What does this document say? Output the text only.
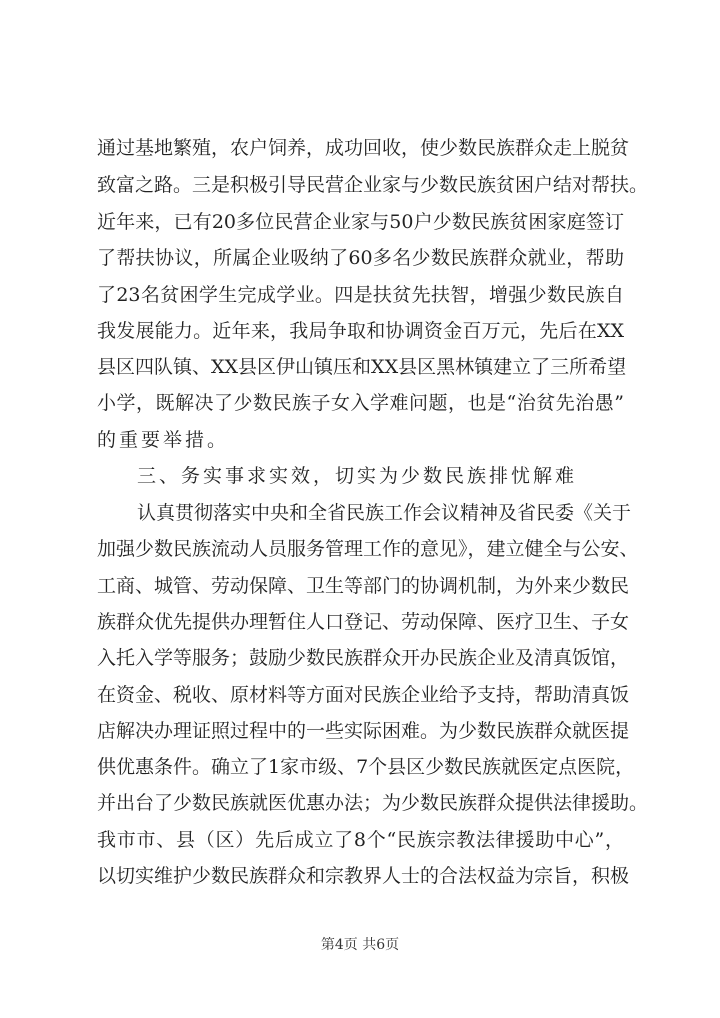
通过基地繁殖，农户饲养，成功回收，使少数民族群众走上脱贫
致富之路。三是积极引导民营企业家与少数民族贫困户结对帮扶。
近年来，已有20多位民营企业家与50户少数民族贫困家庭签订
了帮扶协议，所属企业吸纳了60多名少数民族群众就业，帮助
了23名贫困学生完成学业。四是扶贫先扶智，增强少数民族自
我发展能力。近年来，我局争取和协调资金百万元，先后在XX
县区四队镇、XX县区伊山镇压和XX县区黑林镇建立了三所希望
小学，既解决了少数民族子女入学难问题，也是“治贫先治愚”
的重要举措。
三、务实事求实效，切实为少数民族排忧解难
认真贯彻落实中央和全省民族工作会议精神及省民委《关于
加强少数民族流动人员服务管理工作的意见》，建立健全与公安、
工商、城管、劳动保障、卫生等部门的协调机制，为外来少数民
族群众优先提供办理暂住人口登记、劳动保障、医疗卫生、子女
入托入学等服务；鼓励少数民族群众开办民族企业及清真饭馆，
在资金、税收、原材料等方面对民族企业给予支持，帮助清真饭
店解决办理证照过程中的一些实际困难。为少数民族群众就医提
供优惠条件。确立了1家市级、7个县区少数民族就医定点医院，
并出台了少数民族就医优惠办法；为少数民族群众提供法律援助。
我市市、县（区）先后成立了8个“民族宗教法律援助中心”，
以切实维护少数民族群众和宗教界人士的合法权益为宗旨，积极
第4页 共6页
